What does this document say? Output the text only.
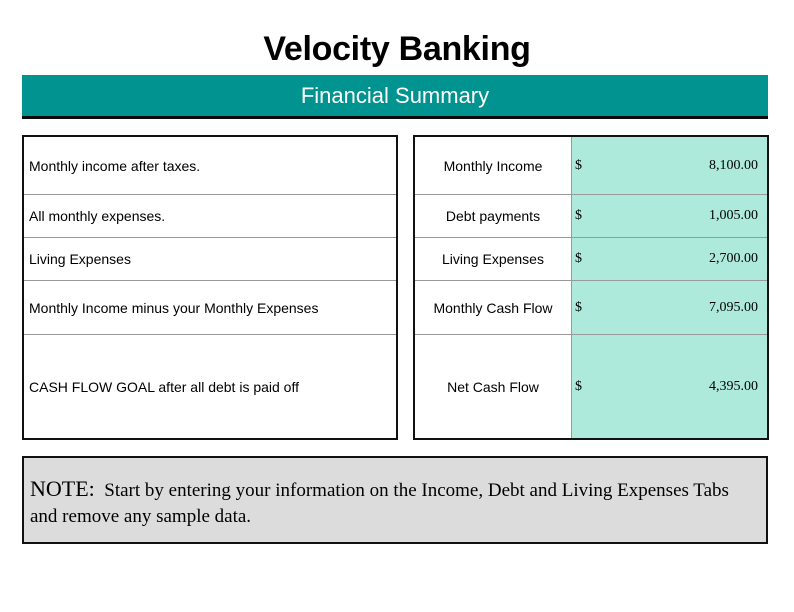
Velocity Banking
Financial Summary
Monthly income after taxes.
All monthly expenses.
Living Expenses
Monthly Income minus your Monthly Expenses
CASH FLOW GOAL after all debt is paid off
Monthly Income	$ 8,100.00

Debt payments	$ 1,005.00

Living Expenses	$ 2,700.00

Monthly Cash Flow	$ 7,095.00

Net Cash Flow	$ 4,395.00
NOTE: Start by entering your information on the Income, Debt and Living Expenses Tabs and remove any sample data.
